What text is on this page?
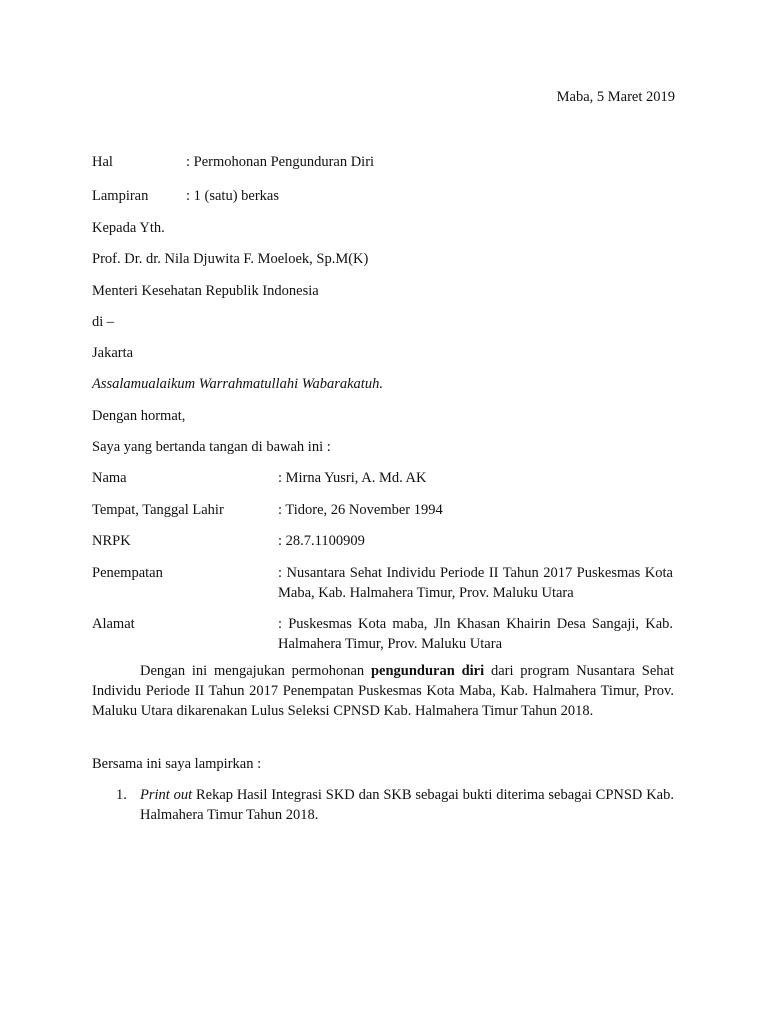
Maba, 5 Maret 2019
Hal	: Permohonan Pengunduran Diri
Lampiran	: 1 (satu) berkas
Kepada Yth.
Prof. Dr. dr. Nila Djuwita F. Moeloek, Sp.M(K)
Menteri Kesehatan Republik Indonesia
di –
Jakarta
Assalamualaikum Warrahmatullahi Wabarakatuh.
Dengan hormat,
Saya yang bertanda tangan di bawah ini :
Nama	: Mirna Yusri, A. Md. AK
Tempat, Tanggal Lahir	: Tidore, 26 November 1994
NRPK	: 28.7.1100909
Penempatan	: Nusantara Sehat Individu Periode II Tahun 2017 Puskesmas Kota Maba, Kab. Halmahera Timur, Prov. Maluku Utara
Alamat	: Puskesmas Kota maba, Jln Khasan Khairin Desa Sangaji, Kab. Halmahera Timur, Prov. Maluku Utara
Dengan ini mengajukan permohonan pengunduran diri dari program Nusantara Sehat Individu Periode II Tahun 2017 Penempatan Puskesmas Kota Maba, Kab. Halmahera Timur, Prov. Maluku Utara dikarenakan Lulus Seleksi CPNSD Kab. Halmahera Timur Tahun 2018.
Bersama ini saya lampirkan :
1. Print out Rekap Hasil Integrasi SKD dan SKB sebagai bukti diterima sebagai CPNSD Kab. Halmahera Timur Tahun 2018.
